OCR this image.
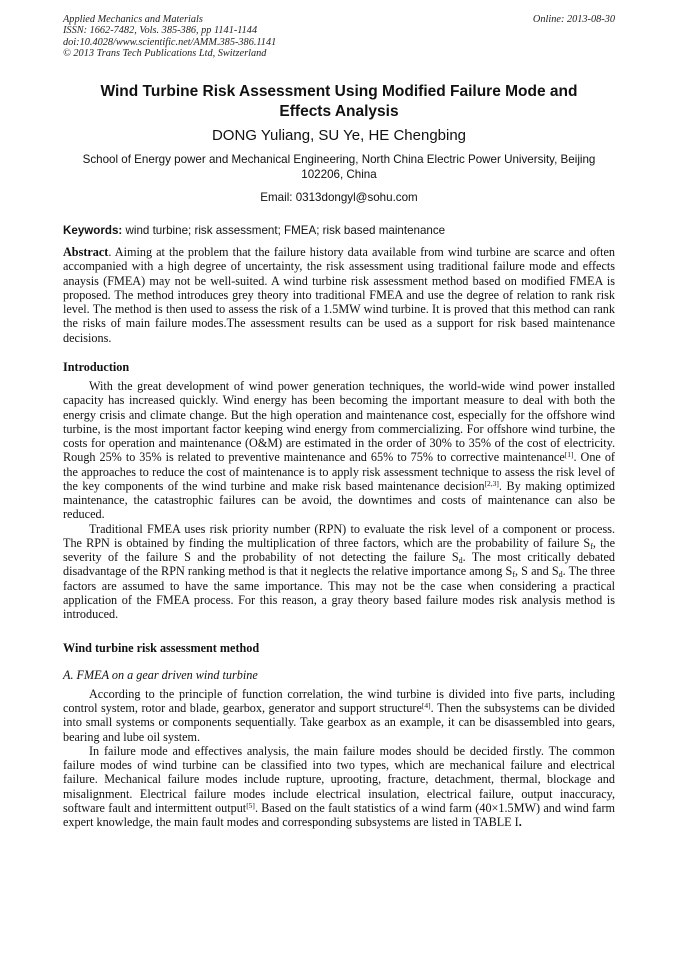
Applied Mechanics and Materials	Online: 2013-08-30
ISSN: 1662-7482, Vols. 385-386, pp 1141-1144
doi:10.4028/www.scientific.net/AMM.385-386.1141
© 2013 Trans Tech Publications Ltd, Switzerland
Wind Turbine Risk Assessment Using Modified Failure Mode and Effects Analysis
DONG Yuliang, SU Ye, HE Chengbing
School of Energy power and Mechanical Engineering, North China Electric Power University, Beijing 102206, China
Email: 0313dongyl@sohu.com
Keywords: wind turbine; risk assessment; FMEA; risk based maintenance
Abstract. Aiming at the problem that the failure history data available from wind turbine are scarce and often accompanied with a high degree of uncertainty, the risk assessment using traditional failure mode and effects anaysis (FMEA) may not be well-suited. A wind turbine risk assessment method based on modified FMEA is proposed. The method introduces grey theory into traditional FMEA and use the degree of relation to rank risk level. The method is then used to assess the risk of a 1.5MW wind turbine. It is proved that this method can rank the risks of main failure modes.The assessment results can be used as a support for risk based maintenance decisions.
Introduction

With the great development of wind power generation techniques, the world-wide wind power installed capacity has increased quickly. Wind energy has been becoming the important measure to deal with both the energy crisis and climate change. But the high operation and maintenance cost, especially for the offshore wind turbine, is the most important factor keeping wind energy from commercializing. For offshore wind turbine, the costs for operation and maintenance (O&M) are estimated in the order of 30% to 35% of the cost of electricity. Rough 25% to 35% is related to preventive maintenance and 65% to 75% to corrective maintenance[1]. One of the approaches to reduce the cost of maintenance is to apply risk assessment technique to assess the risk level of the key components of the wind turbine and make risk based maintenance decision[2,3]. By making optimized maintenance, the catastrophic failures can be avoid, the downtimes and costs of maintenance can also be reduced.

Traditional FMEA uses risk priority number (RPN) to evaluate the risk level of a component or process. The RPN is obtained by finding the multiplication of three factors, which are the probability of failure $S_f$, the severity of the failure S and the probability of not detecting the failure $S_d$. The most critically debated disadvantage of the RPN ranking method is that it neglects the relative importance among $S_f$, S and $S_d$. The three factors are assumed to have the same importance. This may not be the case when considering a practical application of the FMEA process. For this reason, a gray theory based failure modes risk analysis method is introduced.

Wind turbine risk assessment method
A. FMEA on a gear driven wind turbine

According to the principle of function correlation, the wind turbine is divided into five parts, including control system, rotor and blade, gearbox, generator and support structure[4]. Then the subsystems can be divided into small systems or components sequentially. Take gearbox as an example, it can be disassembled into gears, bearing and lube oil system.

In failure mode and effectives analysis, the main failure modes should be decided firstly. The common failure modes of wind turbine can be classified into two types, which are mechanical failure and electrical failure. Mechanical failure modes include rupture, uprooting, fracture, detachment, thermal, blockage and misalignment. Electrical failure modes include electrical insulation, electrical failure, output inaccuracy, software fault and intermittent output[5]. Based on the fault statistics of a wind farm (40×1.5MW) and wind farm expert knowledge, the main fault modes and corresponding subsystems are listed in TABLE I.
